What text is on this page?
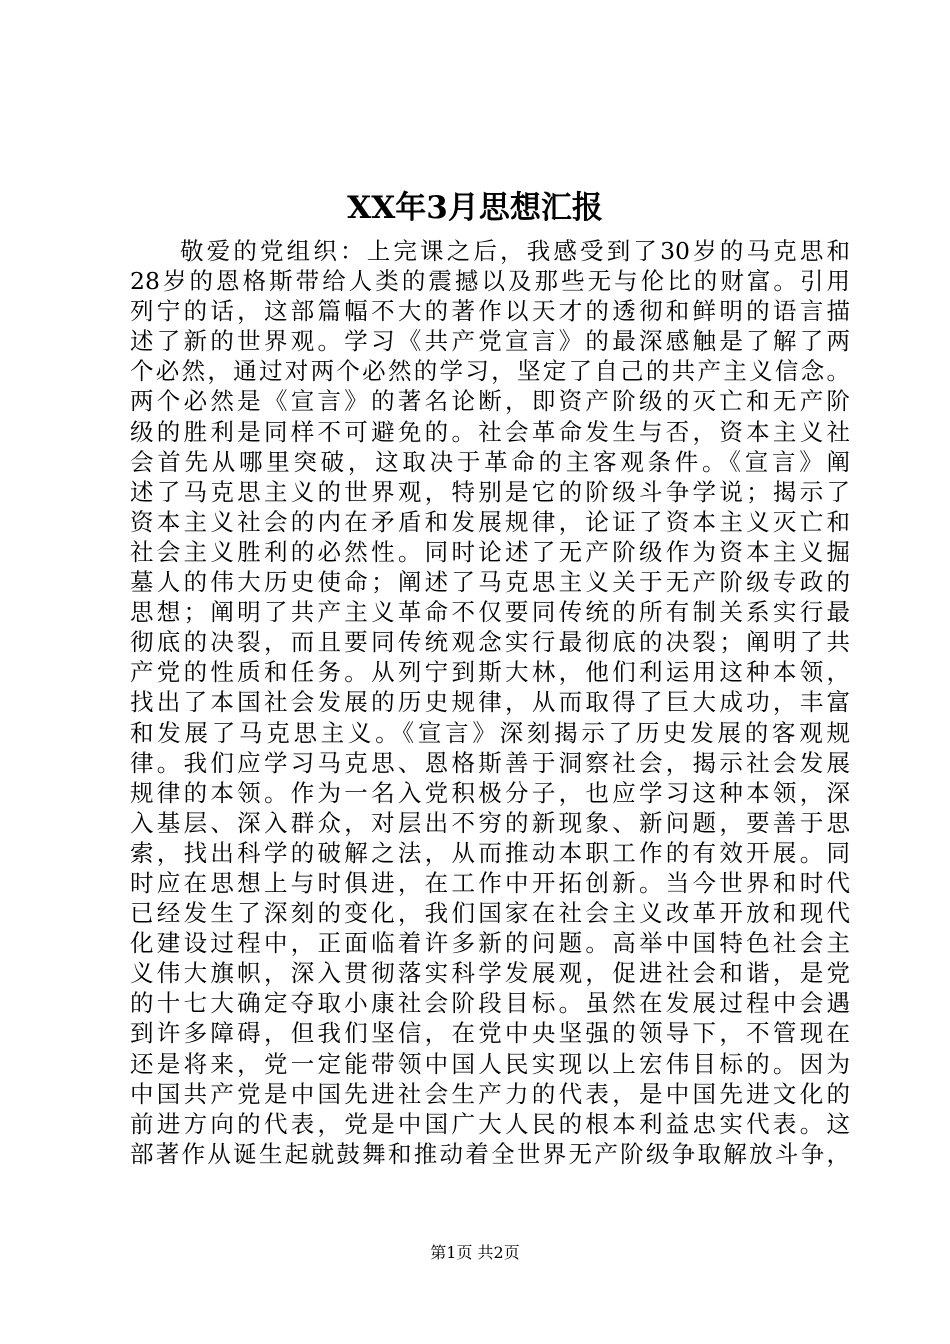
XX年3月思想汇报
敬爱的党组织：上完课之后，我感受到了30岁的马克思和
28岁的恩格斯带给人类的震撼以及那些无与伦比的财富。引用
列宁的话，这部篇幅不大的著作以天才的透彻和鲜明的语言描
述了新的世界观。学习《共产党宣言》的最深感触是了解了两
个必然，通过对两个必然的学习，坚定了自己的共产主义信念。
两个必然是《宣言》的著名论断，即资产阶级的灭亡和无产阶
级的胜利是同样不可避免的。社会革命发生与否，资本主义社
会首先从哪里突破，这取决于革命的主客观条件。《宣言》阐
述了马克思主义的世界观，特别是它的阶级斗争学说；揭示了
资本主义社会的内在矛盾和发展规律，论证了资本主义灭亡和
社会主义胜利的必然性。同时论述了无产阶级作为资本主义掘
墓人的伟大历史使命；阐述了马克思主义关于无产阶级专政的
思想；阐明了共产主义革命不仅要同传统的所有制关系实行最
彻底的决裂，而且要同传统观念实行最彻底的决裂；阐明了共
产党的性质和任务。从列宁到斯大林，他们利运用这种本领，
找出了本国社会发展的历史规律，从而取得了巨大成功，丰富
和发展了马克思主义。《宣言》深刻揭示了历史发展的客观规
律。我们应学习马克思、恩格斯善于洞察社会，揭示社会发展
规律的本领。作为一名入党积极分子，也应学习这种本领，深
入基层、深入群众，对层出不穷的新现象、新问题，要善于思
索，找出科学的破解之法，从而推动本职工作的有效开展。同
时应在思想上与时俱进，在工作中开拓创新。当今世界和时代
已经发生了深刻的变化，我们国家在社会主义改革开放和现代
化建设过程中，正面临着许多新的问题。高举中国特色社会主
义伟大旗帜，深入贯彻落实科学发展观，促进社会和谐，是党
的十七大确定夺取小康社会阶段目标。虽然在发展过程中会遇
到许多障碍，但我们坚信，在党中央坚强的领导下，不管现在
还是将来，党一定能带领中国人民实现以上宏伟目标的。因为
中国共产党是中国先进社会生产力的代表，是中国先进文化的
前进方向的代表，党是中国广大人民的根本利益忠实代表。这
部著作从诞生起就鼓舞和推动着全世界无产阶级争取解放斗争，
第1页 共2页
